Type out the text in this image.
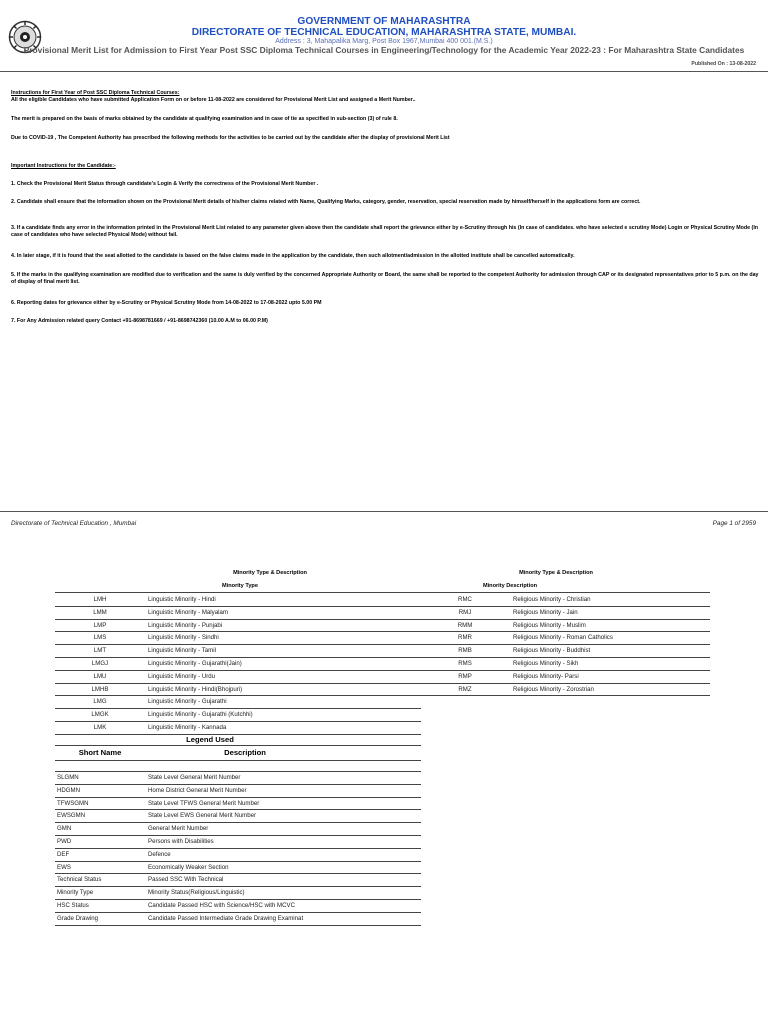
GOVERNMENT OF MAHARASHTRA
DIRECTORATE OF TECHNICAL EDUCATION, MAHARASHTRA STATE, MUMBAI.
Address : 3, Mahapalika Marg, Post Box 1967,Mumbai 400 001.(M.S.)
Provisional Merit List for Admission to First Year Post SSC Diploma Technical Courses in Engineering/Technology for the Academic Year 2022-23 : For Maharashtra State Candidates
Published On : 13-08-2022
Instructions for First Year of Post SSC Diploma Technical Courses:
All the eligible Candidates who have submitted Application Form on or before 11-08-2022 are considered for Provisional Merit List and assigned a Merit Number..
The merit is prepared on the basis of marks obtained by the candidate at qualifying examination and in case of tie as specified in sub-section (3) of rule 8.
Due to COVID-19 , The Competent Authority has prescribed the following methods for the activities to be carried out by the candidate after the display of provisional Merit List
Important Instructions for the Candidate:-
1. Check the Provisional Merit Status through candidate's Login & Verify the correctness of the Provisional Merit Number .
2. Candidate shall ensure that the information shown on the Provisional Merit details of his/her claims related with Name, Qualifying Marks, category, gender, reservation, special reservation made by himself/herself in the applications form are correct.
3. If a candidate finds any error in the information printed in the Provisional Merit List related to any parameter given above then the candidate shall report the grievance either by e-Scrutiny through his (In case of candidates. who have selected e scrutiny Mode) Login or Physical Scrutiny Mode (In case of candidates who have selected Physical Mode) without fail.
4. In later stage, if it is found that the seat allotted to the candidate is based on the false claims made in the application by the candidate, then such allotment/admission in the allotted institute shall be cancelled automatically.
5. If the marks in the qualifying examination are modified due to verification and the same is duly verified by the concerned Appropriate Authority or Board, the same shall be reported to the competent Authority for admission through CAP or its designated representatives prior to 5 p.m. on the day of display of final merit list.
6. Reporting dates for grievance either by e-Scrutiny or Physical Scrutiny Mode from 14-08-2022 to 17-08-2022 upto 5.00 PM
7. For Any Admission related query Contact +91-8698781669 / +91-8698742360 (10.00 A.M to 06.00 P.M)
Directorate of Technical Education , Mumbai	Page 1 of 2959
Minority Type & Description
Minority Type
Minority Type & Description
Minority Description
LMH	Linguistic Minority - Hindi
LMM	Linguistic Minority - Malyalam
LMP	Linguistic Minority - Punjabi
LMS	Linguistic Minority - Sindhi
LMT	Linguistic Minority - Tamil
LMGJ	Linguistic Minority - Gujarathi(Jain)
LMU	Linguistic Minority - Urdu
LMHB	Linguistic Minority - Hindi(Bhojpuri)
LMG	Linguistic Minority - Gujarathi
LMGK	Linguistic Minority - Gujarathi (Kutchhi)
LMK	Linguistic Minority - Kannada
RMC	Religious Minority - Christian
RMJ	Religious Minority - Jain
RMM	Religious Minority - Muslim
RMR	Religious Minority - Roman Catholics
RMB	Religious Minority - Buddhist
RMS	Religious Minority - Sikh
RMP	Religious Minority- Parsi
RMZ	Religious Minority - Zorostrian
Legend Used
Short Name	Description
SLGMN	State Level General Merit Number
HDGMN	Home District General Merit Number
TFWSGMN	State Level TFWS General Merit Number
EWSGMN	State Level EWS General Merit Number
GMN	General Merit Number
PWD	Persons with Disabilities
DEF	Defence
EWS	Economically Weaker Section
Technical Status	Passed SSC With Technical
Minority Type	Minority Status(Religious/Linguistic)
HSC Status	Candidate Passed HSC with Science/HSC with MCVC
Grade Drawing	Candidate Passed Intermediate Grade Drawing Examinat
